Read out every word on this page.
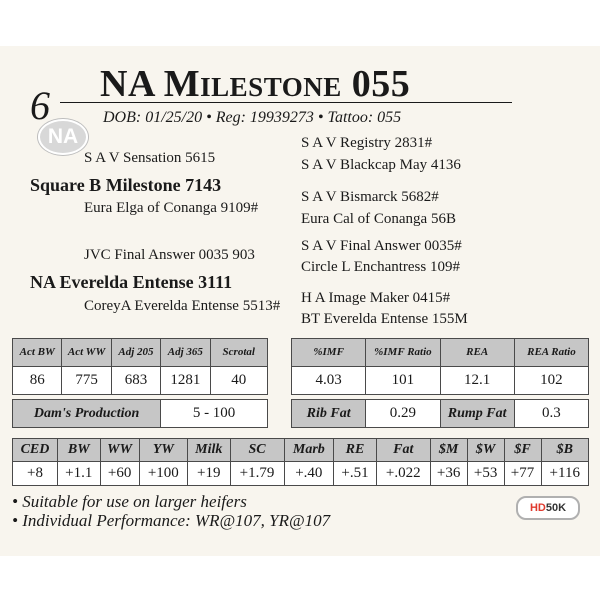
6
NA
NA Milestone 055
DOB: 01/25/20 • Reg: 19939273 • Tattoo: 055
S A V Sensation 5615
Square B Milestone 7143
Eura Elga of Conanga 9109#
JVC Final Answer 0035 903
NA Everelda Entense 3111
CoreyA Everelda Entense 5513#
S A V Registry 2831#
S A V Blackcap May 4136
S A V Bismarck 5682#
Eura Cal of Conanga 56B
S A V Final Answer 0035#
Circle L Enchantress 109#
H A Image Maker 0415#
BT Everelda Entense 155M
Act BW	Act WW	Adj 205	Adj 365	Scrotal
86	775	683	1281	40

Dam's Production			5 - 100	
%IMF	%IMF Ratio	REA	REA Ratio
4.03	101	12.1	102

Rib Fat	0.29	Rump Fat	0.3
CED	BW	WW	YW	Milk	SC	Marb	RE	Fat	$M	$W	$F	$B
+8	+1.1	+60	+100	+19	+1.79	+.40	+.51	+.022	+36	+53	+77	+116
• Suitable for use on larger heifers
• Individual Performance: WR@107, YR@107
HD50K
